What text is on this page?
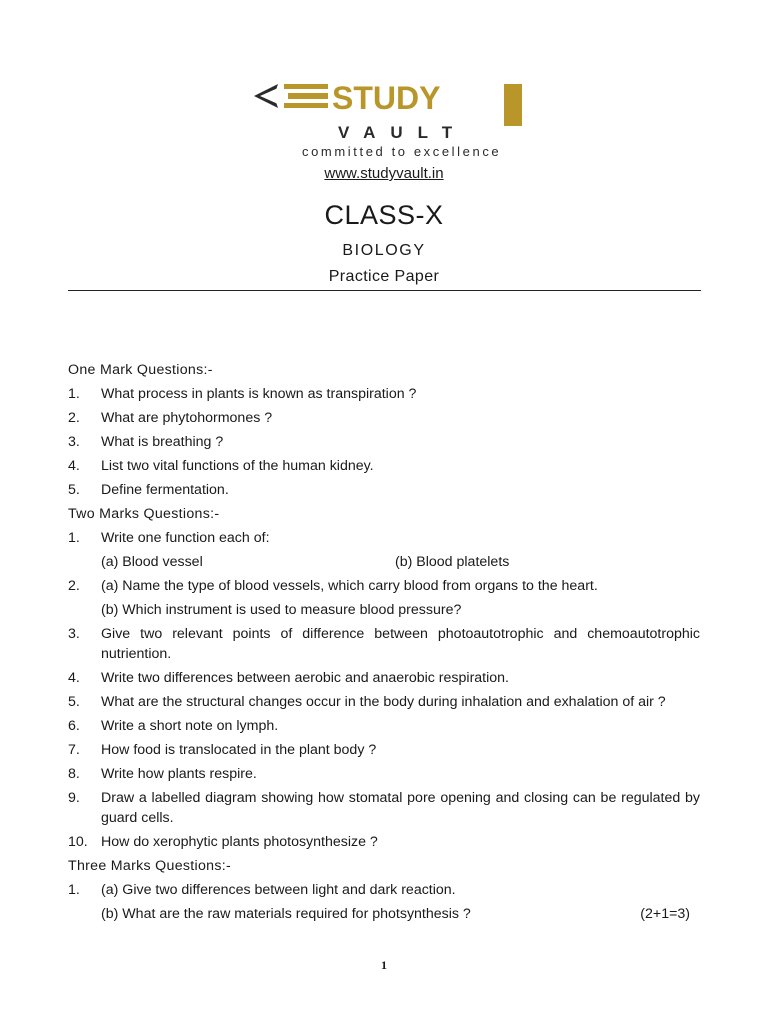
STUDY
VAULT
committed to excellence
www.studyvault.in
CLASS-X
BIOLOGY
Practice Paper
One Mark Questions:-
1.	What process in plants is known as transpiration ?
2.	What are phytohormones ?
3.	What is breathing ?
4.	List two vital functions of the human kidney.
5.	Define fermentation.
Two Marks Questions:-
1.	Write one function each of:
(a) Blood vessel	(b) Blood platelets
2.	(a) Name the type of blood vessels, which carry blood from organs to the heart.
(b) Which instrument is used to measure blood pressure?
3.	Give two relevant points of difference between photoautotrophic and chemoautotrophic nutriention.
4.	Write two differences between aerobic and anaerobic respiration.
5.	What are the structural changes occur in the body during inhalation and exhalation of air ?
6.	Write a short note on lymph.
7.	How food is translocated in the plant body ?
8.	Write how plants respire.
9.	Draw a labelled diagram showing how stomatal pore opening and closing can be regulated by guard cells.
10. How do xerophytic plants photosynthesize ?
Three Marks Questions:-
1.	(a) Give two differences between light and dark reaction.
(b) What are the raw materials required for photsynthesis ?	(2+1=3)
1
